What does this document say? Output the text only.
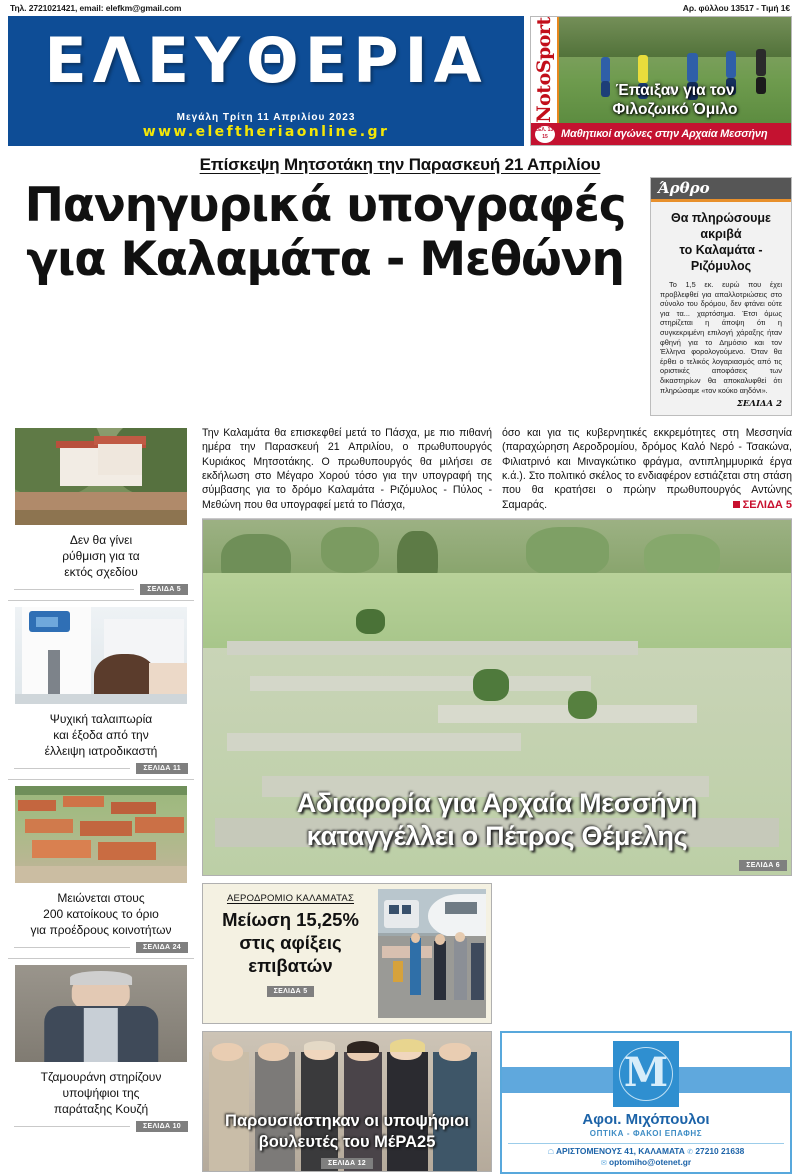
Τηλ. 2721021421, email: elefkm@gmail.com	Αρ. φύλλου 13517 - Τιμή 1€
ΕΛΕΥΘΕΡΙΑ
Μεγάλη Τρίτη 11 Απριλίου 2023
www.eleftheriaonline.gr
NotoSport	Έπαιξαν για τον
Φιλοζωικό Όμιλο
ΣΕΛ. 13-15	Μαθητικοί αγώνες στην Αρχαία Μεσσήνη
Επίσκεψη Μητσοτάκη την Παρασκευή 21 Απριλίου
Πανηγυρικά υπογραφές
για Καλαμάτα - Μεθώνη
Άρθρο
Θα πληρώσουμε
ακριβά
το Καλαμάτα -
Ριζόμυλος

Το 1,5 εκ. ευρώ που έχει προβλεφθεί για απαλλοτριώσεις στο σύνολο του δρόμου, δεν φτάνει ούτε για τα... χαρτόσημα. Έτσι όμως στηρίζεται η άποψη ότι η συγκεκριμένη επιλογή χάραξης ήταν φθηνή για το Δημόσιο και τον Έλληνα φορολογούμενο. Όταν θα έρθει ο τελικός λογαριασμός από τις οριστικές αποφάσεις των δικαστηρίων θα αποκαλυφθεί ότι πληρώσαμε «τον κούκο αηδόνι».

ΣΕΛΙΔΑ 2
Δεν θα γίνει
ρύθμιση για τα
εκτός σχεδίου
ΣΕΛΙΔΑ 5
Ψυχική ταλαιπωρία
και έξοδα από την
έλλειψη ιατροδικαστή
ΣΕΛΙΔΑ 11
Μειώνεται στους
200 κατοίκους το όριο
για προέδρους κοινοτήτων
ΣΕΛΙΔΑ 24
Τζαμουράνη στηρίζουν
υποψήφιοι της
παράταξης Κουζή
ΣΕΛΙΔΑ 10

Την Καλαμάτα θα επισκεφθεί μετά το Πάσχα, με πιο πιθανή ημέρα την Παρασκευή 21 Απριλίου, ο πρωθυπουργός Κυριάκος Μητσοτάκης. Ο πρωθυπουργός θα μιλήσει σε εκδήλωση στο Μέγαρο Χορού τόσο για την υπογραφή της σύμβασης για το δρόμο Καλαμάτα - Ριζόμυλος - Πύλος - Μεθώνη που θα υπογραφεί μετά το Πάσχα,

όσο και για τις κυβερνητικές εκκρεμότητες στη Μεσσηνία (παραχώρηση Αεροδρομίου, δρόμος Καλό Νερό - Τσακώνα, Φιλιατρινό και Μιναγκώτικο φράγμα, αντιπλημμυρικά έργα κ.ά.). Στο πολιτικό σκέλος το ενδιαφέρον εστιάζεται στη στάση που θα κρατήσει ο πρώην πρωθυπουργός Αντώνης Σαμαράς.	ΣΕΛΙΔΑ 5
Αδιαφορία για Αρχαία Μεσσήνη
καταγγέλλει ο Πέτρος Θέμελης
ΣΕΛΙΔΑ 6
ΑΕΡΟΔΡΟΜΙΟ ΚΑΛΑΜΑΤΑΣ
Μείωση 15,25%
στις αφίξεις
επιβατών
ΣΕΛΙΔΑ 5
Παρουσιάστηκαν οι υποψήφιοι
βουλευτές του ΜέΡΑ25
ΣΕΛΙΔΑ 12
M
Αφοι. Μιχόπουλοι
ΟΠΤΙΚΑ - ΦΑΚΟΙ ΕΠΑΦΗΣ
☖ ΑΡΙΣΤΟΜΕΝΟΥΣ 41, ΚΑΛΑΜΑΤΑ ✆ 27210 21638
✉ optomiho@otenet.gr
